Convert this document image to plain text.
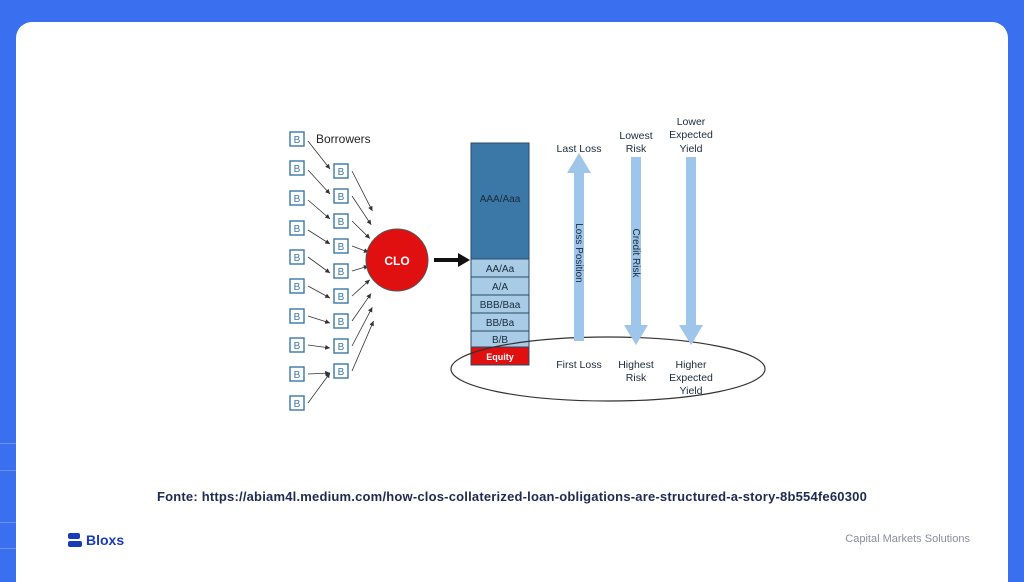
B
B
B
B
B
B
B
B
B
B
B
B
B
B
B
B
B
B
B
Borrowers
CLO
AAA/Aaa
AA/Aa
A/A
BBB/Baa
BB/Ba
B/B
Equity
Loss Position
Last Loss
First Loss
Credit Risk
Lowest
Risk
Highest
Risk
Lower
Expected
Yield
Higher
Expected
Yield
Fonte: https://abiam4l.medium.com/how-clos-collaterized-loan-obligations-are-structured-a-story-8b554fe60300
Bloxs	Capital Markets Solutions
